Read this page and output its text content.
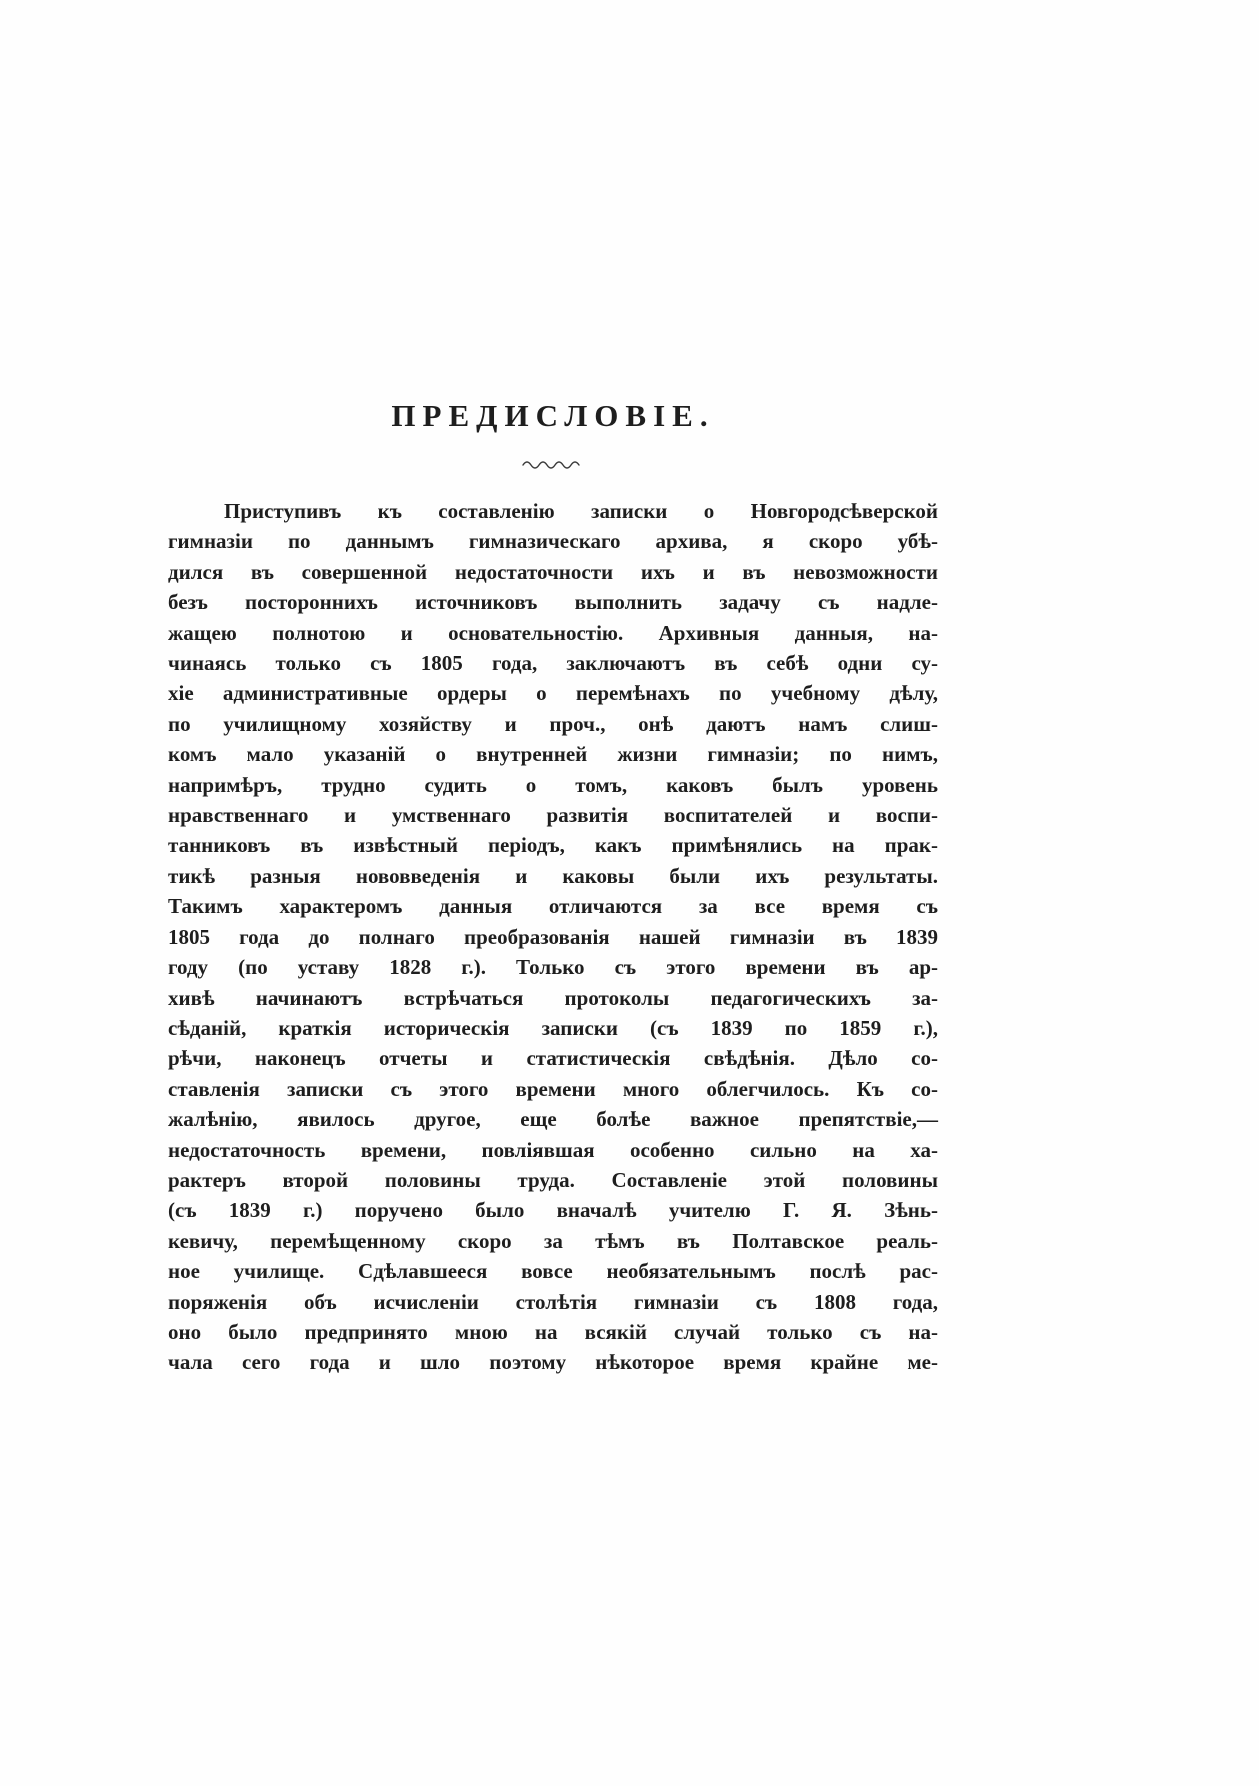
ПРЕДИСЛОВІЕ.
Приступивъ къ составленію записки о Новгородсѣверской
гимназіи по даннымъ гимназическаго архива, я скоро убѣ-
дился въ совершенной недостаточности ихъ и въ невозможности
безъ постороннихъ источниковъ выполнить задачу съ надле-
жащею полнотою и основательностію. Архивныя данныя, на-
чинаясь только съ 1805 года, заключаютъ въ себѣ одни су-
хіе административные ордеры о перемѣнахъ по учебному дѣлу,
по училищному хозяйству и проч., онѣ даютъ намъ слиш-
комъ мало указаній о внутренней жизни гимназіи; по нимъ,
напримѣръ, трудно судить о томъ, каковъ былъ уровень
нравственнаго и умственнаго развитія воспитателей и воспи-
танниковъ въ извѣстный періодъ, какъ примѣнялись на прак-
тикѣ разныя нововведенія и каковы были ихъ результаты.
Такимъ характеромъ данныя отличаются за все время съ
1805 года до полнаго преобразованія нашей гимназіи въ 1839
году (по уставу 1828 г.). Только съ этого времени въ ар-
хивѣ начинаютъ встрѣчаться протоколы педагогическихъ за-
сѣданій, краткія историческія записки (съ 1839 по 1859 г.),
рѣчи, наконецъ отчеты и статистическія свѣдѣнія. Дѣло со-
ставленія записки съ этого времени много облегчилось. Къ со-
жалѣнію, явилось другое, еще болѣе важное препятствіе,—
недостаточность времени, повліявшая особенно сильно на ха-
рактеръ второй половины труда. Составленіе этой половины
(съ 1839 г.) поручено было вначалѣ учителю Г. Я. Зѣнь-
кевичу, перемѣщенному скоро за тѣмъ въ Полтавское реаль-
ное училище. Сдѣлавшееся вовсе необязательнымъ послѣ рас-
поряженія объ исчисленіи столѣтія гимназіи съ 1808 года,
оно было предпринято мною на всякій случай только съ на-
чала сего года и шло поэтому нѣкоторое время крайне ме-
